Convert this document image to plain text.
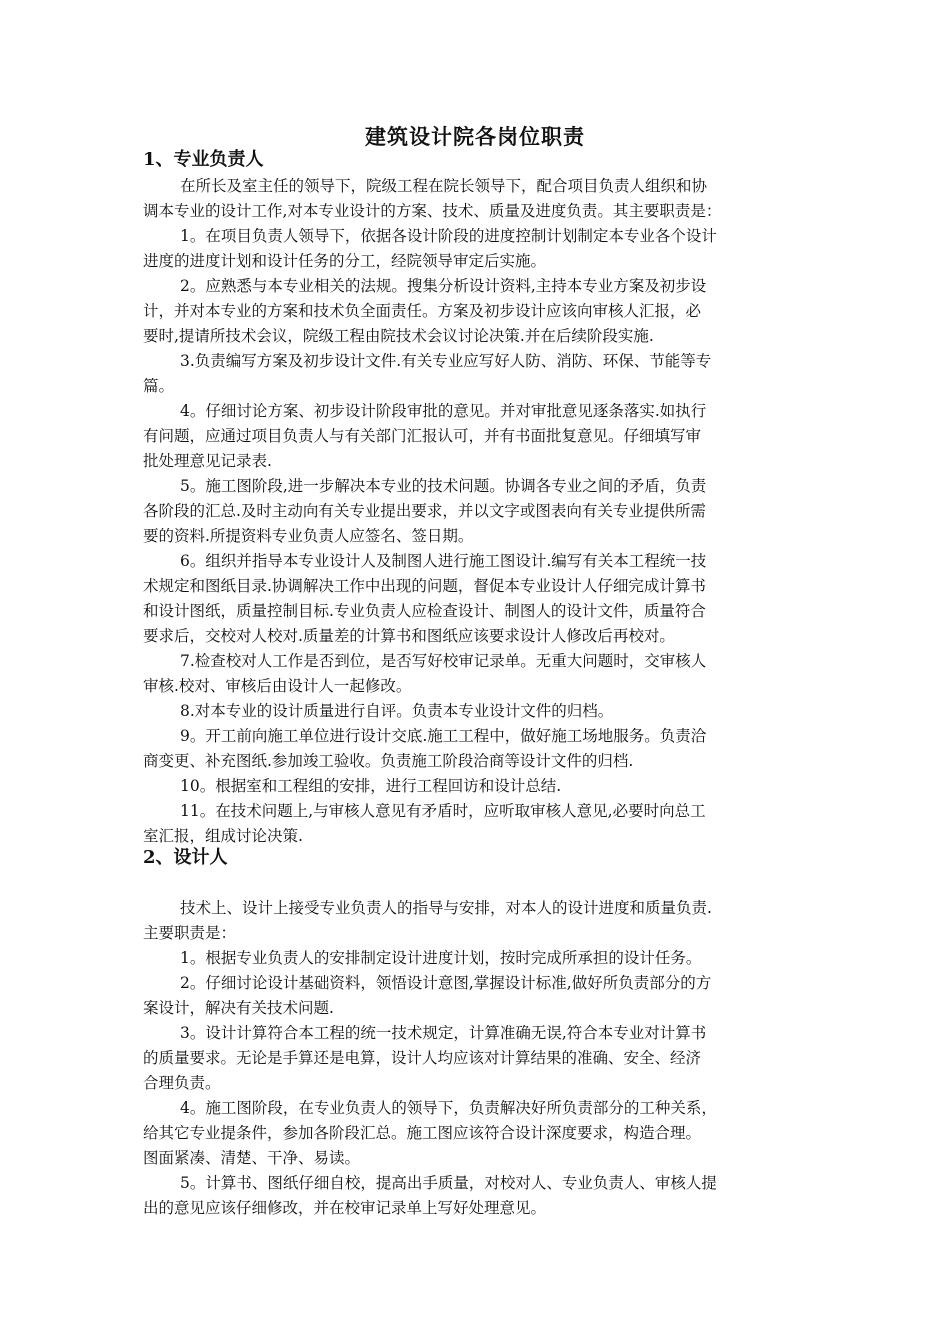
建筑设计院各岗位职责
1、专业负责人

在所长及室主任的领导下，院级工程在院长领导下，配合项目负责人组织和协

调本专业的设计工作,对本专业设计的方案、技术、质量及进度负责。其主要职责是：

1。在项目负责人领导下，依据各设计阶段的进度控制计划制定本专业各个设计

进度的进度计划和设计任务的分工，经院领导审定后实施。

2。应熟悉与本专业相关的法规。搜集分析设计资料,主持本专业方案及初步设

计，并对本专业的方案和技术负全面责任。方案及初步设计应该向审核人汇报，必

要时,提请所技术会议，院级工程由院技术会议讨论决策.并在后续阶段实施.

3.负责编写方案及初步设计文件.有关专业应写好人防、消防、环保、节能等专

篇。

4。仔细讨论方案、初步设计阶段审批的意见。并对审批意见逐条落实.如执行

有问题，应通过项目负责人与有关部门汇报认可，并有书面批复意见。仔细填写审

批处理意见记录表.

5。施工图阶段,进一步解决本专业的技术问题。协调各专业之间的矛盾，负责

各阶段的汇总.及时主动向有关专业提出要求，并以文字或图表向有关专业提供所需

要的资料.所提资料专业负责人应签名、签日期。

6。组织并指导本专业设计人及制图人进行施工图设计.编写有关本工程统一技

术规定和图纸目录.协调解决工作中出现的问题，督促本专业设计人仔细完成计算书

和设计图纸，质量控制目标.专业负责人应检查设计、制图人的设计文件，质量符合

要求后，交校对人校对.质量差的计算书和图纸应该要求设计人修改后再校对。

7.检查校对人工作是否到位，是否写好校审记录单。无重大问题时，交审核人

审核.校对、审核后由设计人一起修改。

8.对本专业的设计质量进行自评。负责本专业设计文件的归档。

9。开工前向施工单位进行设计交底.施工工程中，做好施工场地服务。负责洽

商变更、补充图纸.参加竣工验收。负责施工阶段洽商等设计文件的归档.

10。根据室和工程组的安排，进行工程回访和设计总结.

11。在技术问题上,与审核人意见有矛盾时，应听取审核人意见,必要时向总工

室汇报，组成讨论决策.

2、设计人

技术上、设计上接受专业负责人的指导与安排，对本人的设计进度和质量负责.

主要职责是：

1。根据专业负责人的安排制定设计进度计划，按时完成所承担的设计任务。

2。仔细讨论设计基础资料，领悟设计意图,掌握设计标准,做好所负责部分的方

案设计，解决有关技术问题.

3。设计计算符合本工程的统一技术规定，计算准确无误,符合本专业对计算书

的质量要求。无论是手算还是电算，设计人均应该对计算结果的准确、安全、经济

合理负责。

4。施工图阶段，在专业负责人的领导下，负责解决好所负责部分的工种关系，

给其它专业提条件，参加各阶段汇总。施工图应该符合设计深度要求，构造合理。

图面紧凑、清楚、干净、易读。

5。计算书、图纸仔细自校，提高出手质量，对校对人、专业负责人、审核人提

出的意见应该仔细修改，并在校审记录单上写好处理意见。
